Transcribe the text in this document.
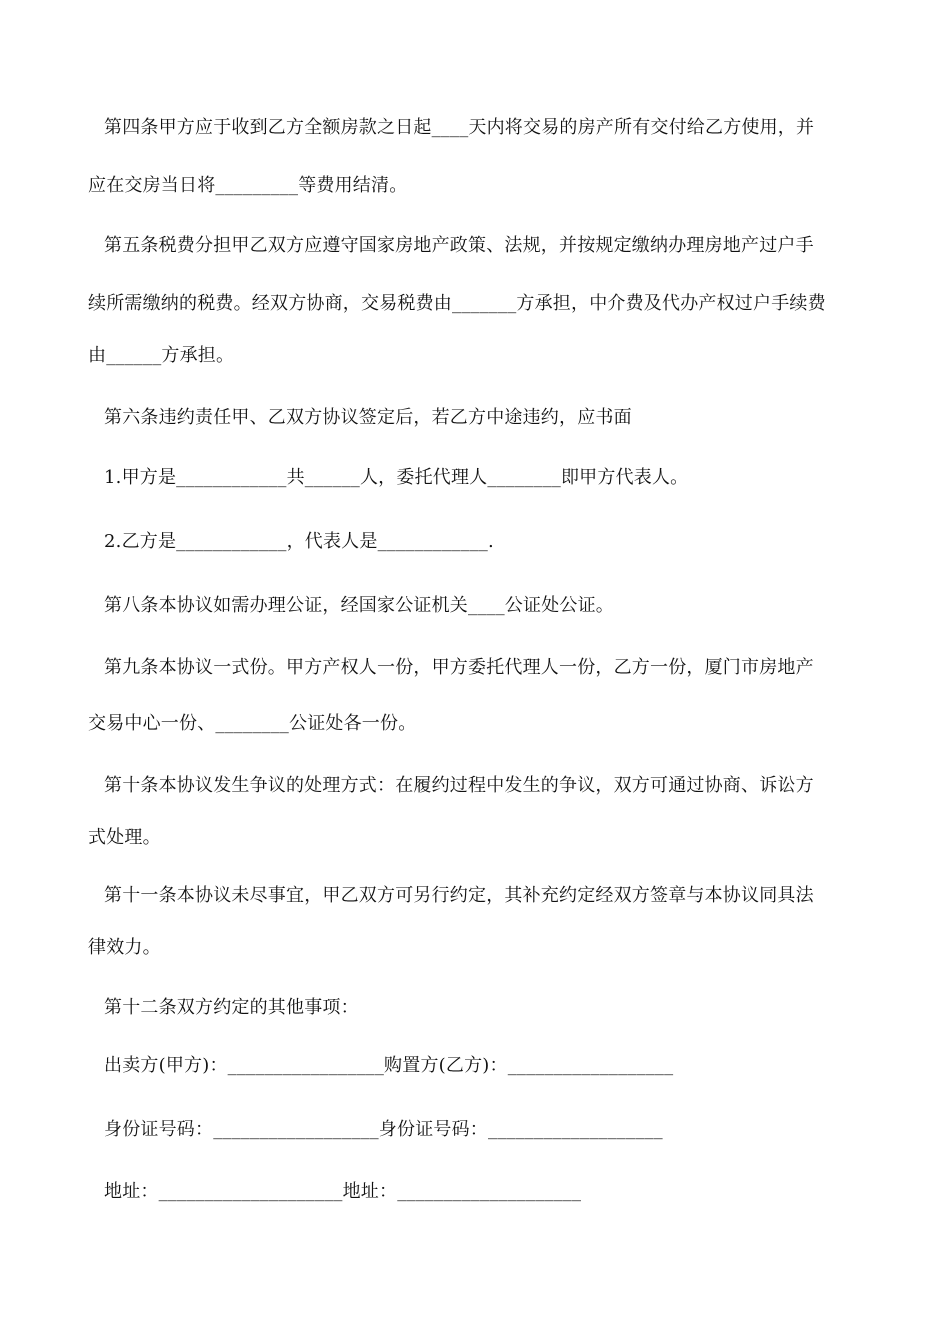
第四条甲方应于收到乙方全额房款之日起____天内将交易的房产所有交付给乙方使用，并
应在交房当日将_________等费用结清。
第五条税费分担甲乙双方应遵守国家房地产政策、法规，并按规定缴纳办理房地产过户手
续所需缴纳的税费。经双方协商，交易税费由_______方承担，中介费及代办产权过户手续费
由______方承担。
第六条违约责任甲、乙双方协议签定后，若乙方中途违约，应书面
1.甲方是____________共______人，委托代理人________即甲方代表人。
2.乙方是____________，代表人是____________.
第八条本协议如需办理公证，经国家公证机关____公证处公证。
第九条本协议一式份。甲方产权人一份，甲方委托代理人一份，乙方一份，厦门市房地产
交易中心一份、________公证处各一份。
第十条本协议发生争议的处理方式：在履约过程中发生的争议，双方可通过协商、诉讼方
式处理。
第十一条本协议未尽事宜，甲乙双方可另行约定，其补充约定经双方签章与本协议同具法
律效力。
第十二条双方约定的其他事项：
出卖方(甲方)：_________________购置方(乙方)：__________________
身份证号码：__________________身份证号码：___________________
地址：____________________地址：____________________
